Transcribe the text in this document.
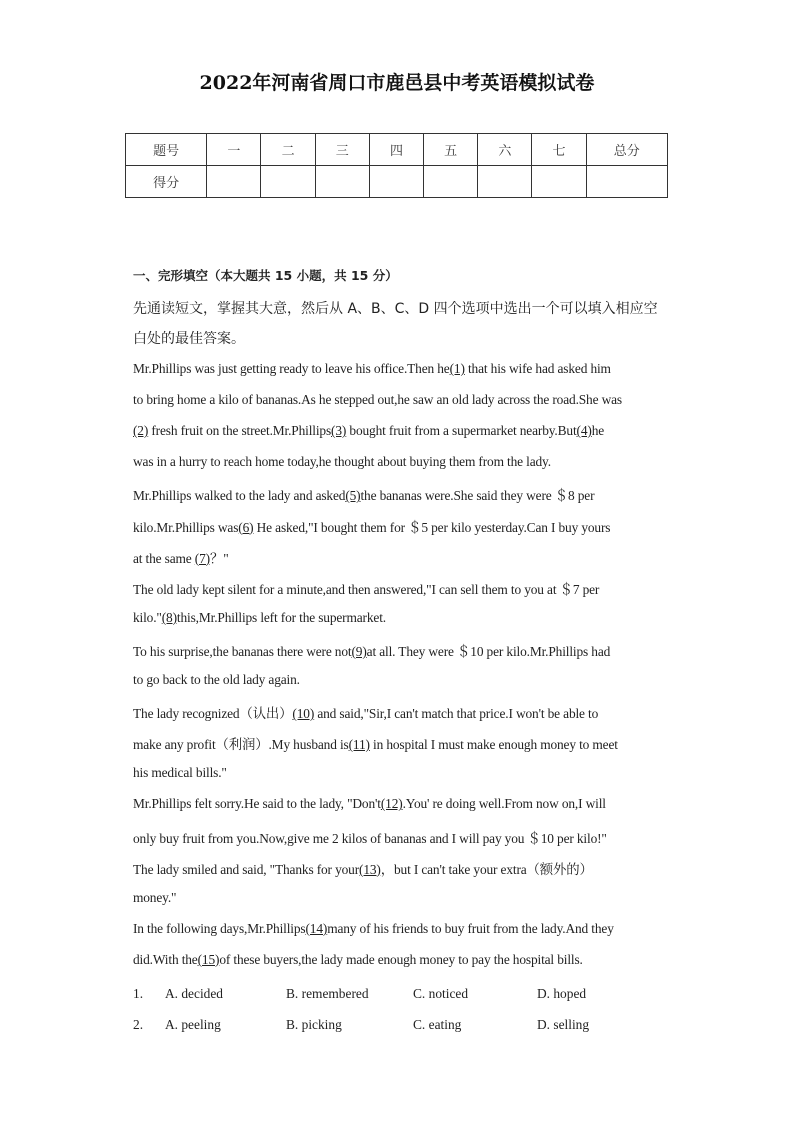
2022年河南省周口市鹿邑县中考英语模拟试卷
题号	一	二	三	四	五	六	七	总分
得分								
一、完形填空（本大题共 15 小题，共 15 分）
先通读短文，掌握其大意，然后从 A、B、C、D 四个选项中选出一个可以填入相应空
白处的最佳答案。
Mr.Phillips was just getting ready to leave his office.Then he(1) that his wife had asked him
to bring home a kilo of bananas.As he stepped out,he saw an old lady across the road.She was
(2) fresh fruit on the street.Mr.Phillips(3) bought fruit from a supermarket nearby.But(4)he
was in a hurry to reach home today,he thought about buying them from the lady.
Mr.Phillips walked to the lady and asked(5)the bananas were.She said they were ＄8 per
kilo.Mr.Phillips was(6) He asked,"I bought them for ＄5 per kilo yesterday.Can I buy yours
at the same (7)？"
The old lady kept silent for a minute,and then answered,"I can sell them to you at ＄7 per
kilo."(8)this,Mr.Phillips left for the supermarket.
To his surprise,the bananas there were not(9)at all. They were ＄10 per kilo.Mr.Phillips had
to go back to the old lady again.
The lady recognized（认出）(10) and said,"Sir,I can't match that price.I won't be able to
make any profit（利润）.My husband is(11) in hospital I must make enough money to meet
his medical bills."
Mr.Phillips felt sorry.He said to the lady, "Don't(12).You' re doing well.From now on,I will
only buy fruit from you.Now,give me 2 kilos of bananas and I will pay you ＄10 per kilo!"
The lady smiled and said, "Thanks for your(13)，but I can't take your extra（额外的）
money."
In the following days,Mr.Phillips(14)many of his friends to buy fruit from the lady.And they
did.With the(15)of these buyers,the lady made enough money to pay the hospital bills.
1. A. decided	B. remembered	C. noticed	D. hoped
2. A. peeling	B. picking	C. eating	D. selling
